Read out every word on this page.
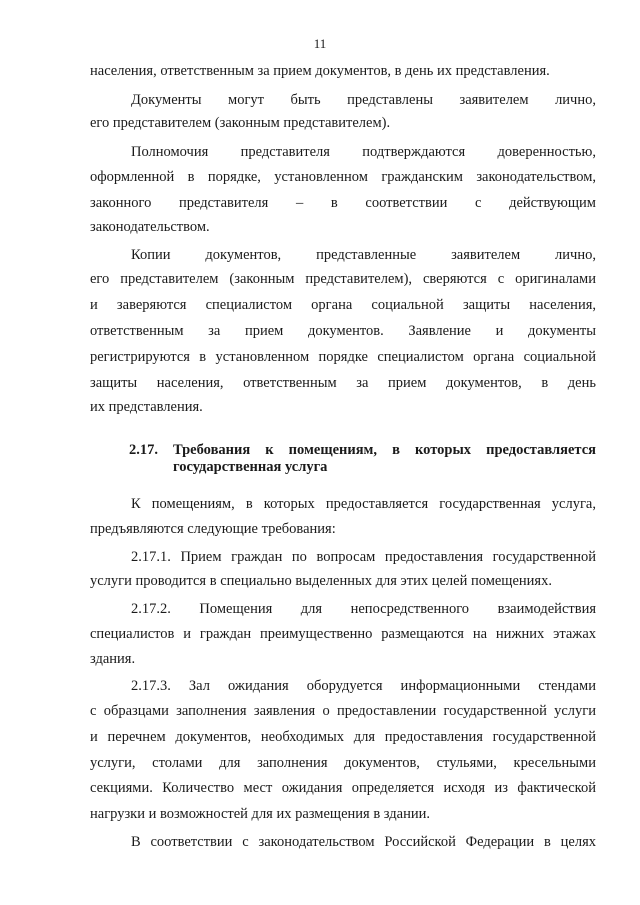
11
населения, ответственным за прием документов, в день их представления.
Документы могут быть представлены заявителем лично,
его представителем (законным представителем).
Полномочия представителя подтверждаются доверенностью,
оформленной в порядке, установленном гражданским законодательством,
законного представителя – в соответствии с действующим
законодательством.
Копии документов, представленные заявителем лично,
его представителем (законным представителем), сверяются с оригиналами
и заверяются специалистом органа социальной защиты населения,
ответственным за прием документов. Заявление и документы
регистрируются в установленном порядке специалистом органа социальной
защиты населения, ответственным за прием документов, в день
их представления.
2.17.	Требования к помещениям, в которых предоставляется
государственная услуга
К помещениям, в которых предоставляется государственная услуга,
предъявляются следующие требования:
2.17.1. Прием граждан по вопросам предоставления государственной
услуги проводится в специально выделенных для этих целей помещениях.
2.17.2. Помещения для непосредственного взаимодействия
специалистов и граждан преимущественно размещаются на нижних этажах
здания.
2.17.3. Зал ожидания оборудуется информационными стендами
с образцами заполнения заявления о предоставлении государственной услуги
и перечнем документов, необходимых для предоставления государственной
услуги, столами для заполнения документов, стульями, кресельными
секциями. Количество мест ожидания определяется исходя из фактической
нагрузки и возможностей для их размещения в здании.
В соответствии с законодательством Российской Федерации в целях
